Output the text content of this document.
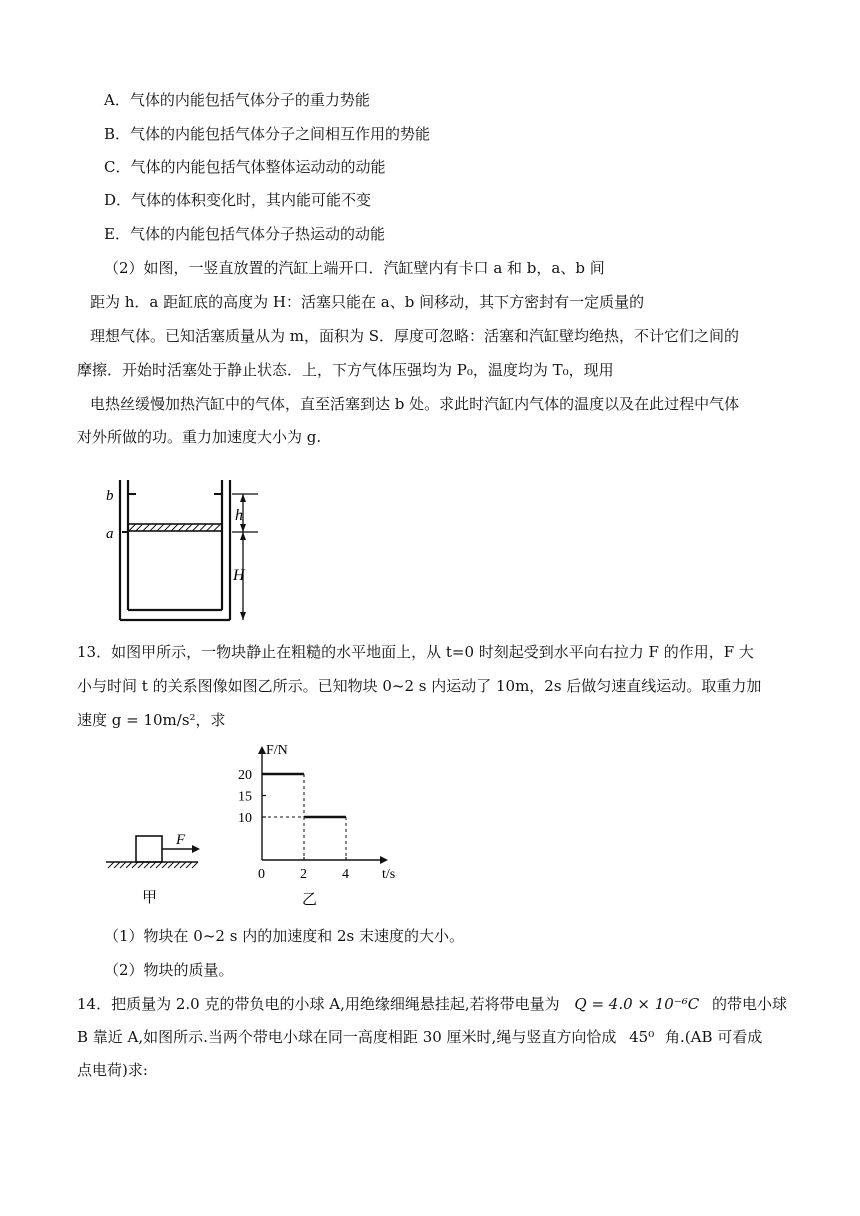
A．气体的内能包括气体分子的重力势能
B．气体的内能包括气体分子之间相互作用的势能
C．气体的内能包括气体整体运动动的动能
D．气体的体积变化时，其内能可能不变
E．气体的内能包括气体分子热运动的动能
（2）如图，一竖直放置的汽缸上端开口．汽缸壁内有卡口 a 和 b，a、b 间
距为 h．a 距缸底的高度为 H：活塞只能在 a、b 间移动，其下方密封有一定质量的
理想气体。已知活塞质量从为 m，面积为 S．厚度可忽略：活塞和汽缸壁均绝热，不计它们之间的
摩擦．开始时活塞处于静止状态．上，下方气体压强均为 P₀，温度均为 T₀，现用
电热丝缓慢加热汽缸中的气体，直至活塞到达 b 处。求此时汽缸内气体的温度以及在此过程中气体
对外所做的功。重力加速度大小为 g.
b
a
h
H
13．如图甲所示，一物块静止在粗糙的水平地面上，从 t=0 时刻起受到水平向右拉力 F 的作用，F 大
小与时间 t 的关系图像如图乙所示。已知物块 0~2 s 内运动了 10m，2s 后做匀速直线运动。取重力加
速度 g = 10m/s²，求
F
甲
F/N
t/s
0	2	4
10
15
20
乙
（1）物块在 0~2 s 内的加速度和 2s 末速度的大小。
（2）物块的质量。
14．把质量为 2.0 克的带负电的小球 A,用绝缘细绳悬挂起,若将带电量为 Q = 4.0 × 10⁻⁶C 的带电小球
B 靠近 A,如图所示.当两个带电小球在同一高度相距 30 厘米时,绳与竖直方向恰成 45⁰ 角.(AB 可看成
点电荷)求:
